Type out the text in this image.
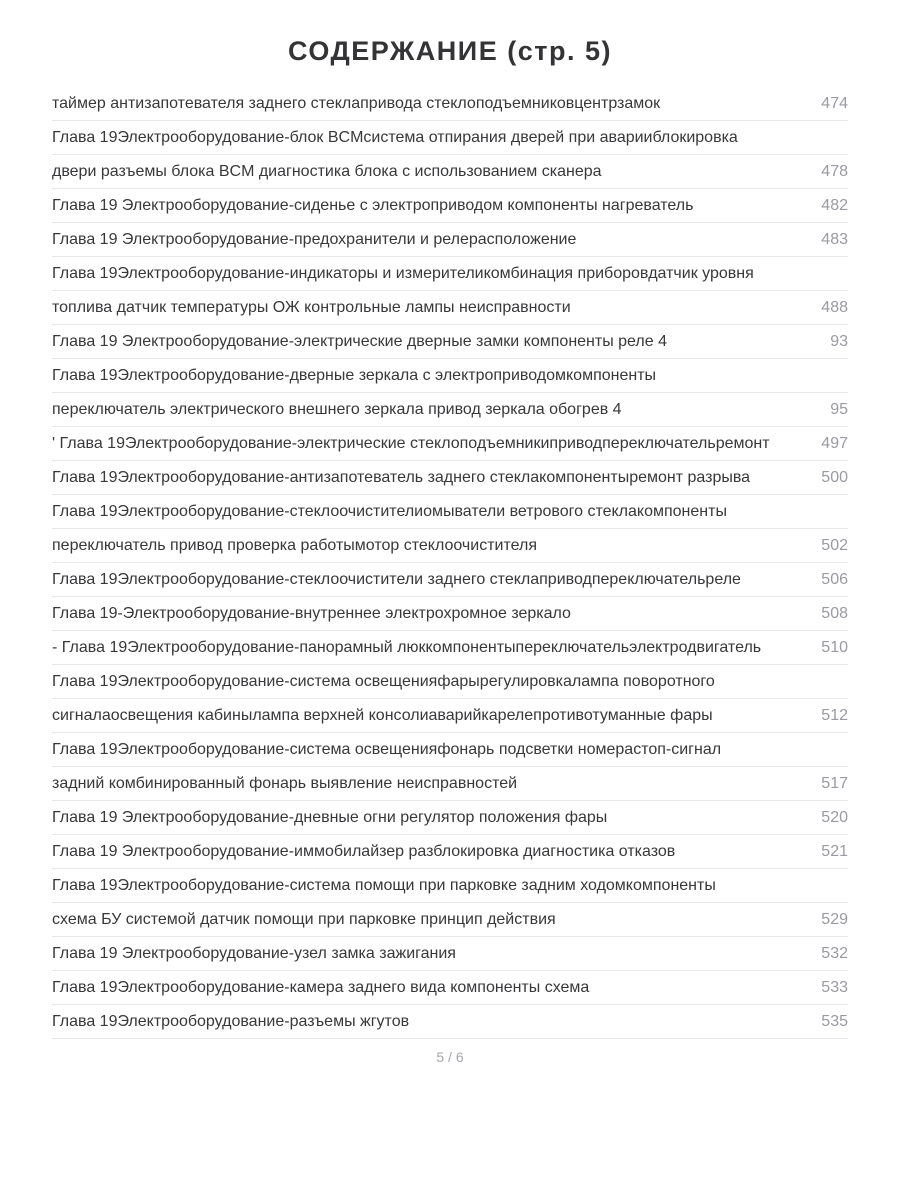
СОДЕРЖАНИЕ (стр. 5)
таймер антизапотевателя заднего стеклапривода стеклоподъемниковцентрзамок	474
Глава 19Электрооборудование-блок BCMсистема отпирания дверей при аварииблокировка
двери разъемы блока BCM диагностика блока с использованием сканера	478
Глава 19 Электрооборудование-сиденье с электроприводом компоненты нагреватель	482
Глава 19 Электрооборудование-предохранители и релерасположение	483
Глава 19Электрооборудование-индикаторы и измерителикомбинация приборовдатчик уровня
топлива датчик температуры ОЖ контрольные лампы неисправности	488
Глава 19 Электрооборудование-электрические дверные замки компоненты реле 4	93
Глава 19Электрооборудование-дверные зеркала с электроприводомкомпоненты
переключатель электрического внешнего зеркала привод зеркала обогрев 4	95
' Глава 19Электрооборудование-электрические стеклоподъемникиприводпереключательремонт	497
Глава 19Электрооборудование-антизапотеватель заднего стеклакомпонентыремонт разрыва	500
Глава 19Электрооборудование-стеклоочистителиомыватели ветрового стеклакомпоненты
переключатель привод проверка работымотор стеклоочистителя	502
Глава 19Электрооборудование-стеклоочистители заднего стеклаприводпереключательреле	506
Глава 19-Электрооборудование-внутреннее электрохромное зеркало	508
- Глава 19Электрооборудование-панорамный люккомпонентыпереключательэлектродвигатель	510
Глава 19Электрооборудование-система освещенияфарырегулировкалампа поворотного
сигналаосвещения кабинылампа верхней консолиаварийкарелепротивотуманные фары	512
Глава 19Электрооборудование-система освещенияфонарь подсветки номерастоп-сигнал
задний комбинированный фонарь выявление неисправностей	517
Глава 19 Электрооборудование-дневные огни регулятор положения фары	520
Глава 19 Электрооборудование-иммобилайзер разблокировка диагностика отказов	521
Глава 19Электрооборудование-система помощи при парковке задним ходомкомпоненты
схема БУ системой датчик помощи при парковке принцип действия	529
Глава 19 Электрооборудование-узел замка зажигания	532
Глава 19Электрооборудование-камера заднего вида компоненты схема	533
Глава 19Электрооборудование-разъемы жгутов	535
5 / 6
